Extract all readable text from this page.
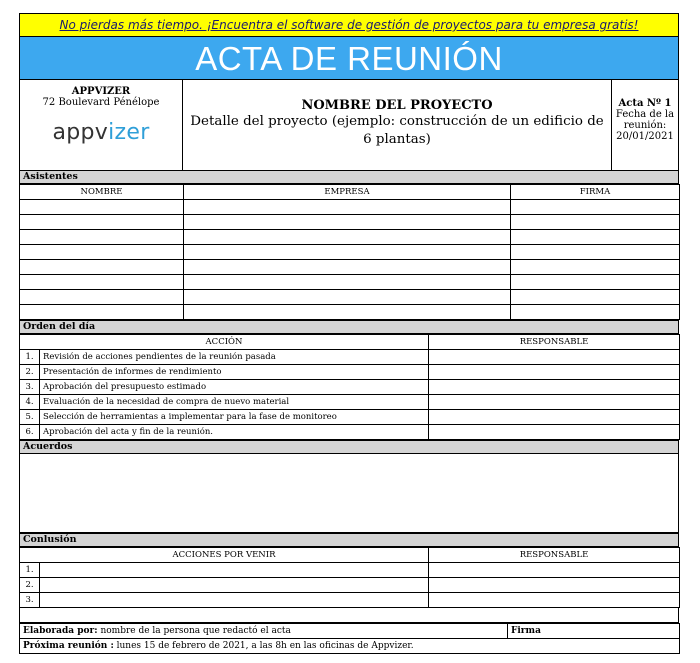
No pierdas más tiempo. ¡Encuentra el software de gestión de proyectos para tu empresa gratis!
ACTA DE REUNIÓN
APPVIZER
72 Boulevard Pénélope
appvizer
NOMBRE DEL PROYECTO
Detalle del proyecto (ejemplo: construcción de un edificio de 6 plantas)
Acta Nº 1
Fecha de la reunión:
20/01/2021
Asistentes
NOMBRE	EMPRESA	FIRMA

Orden del día
ACCIÓN		RESPONSABLE
1.	Revisión de acciones pendientes de la reunión pasada	
2.	Presentación de informes de rendimiento	
3.	Aprobación del presupuesto estimado	
4.	Evaluación de la necesidad de compra de nuevo material	
5.	Selección de herramientas a implementar para la fase de monitoreo	
6.	Aprobación del acta y fin de la reunión.	
Acuerdos
Conlusión
ACCIONES POR VENIR		RESPONSABLE
1.		
2.		
3.		
Elaborada por: nombre de la persona que redactó el acta	Firma
Próxima reunión : lunes 15 de febrero de 2021, a las 8h en las oficinas de Appvizer.
